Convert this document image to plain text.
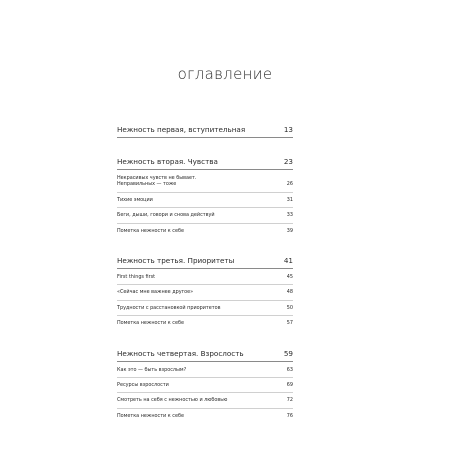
оглавление
Нежность первая, вступительная	13
Нежность вторая. Чувства	23
Некрасивых чувств не бывает.
Неправильных — тоже	26
Тихие эмоции	31
Беги, дыши, говори и снова действуй	33
Пометка нежности к себе	39
Нежность третья. Приоритеты	41
First things first	45
«Сейчас мне важнее другое»	48
Трудности с расстановкой приоритетов	50
Пометка нежности к себе	57
Нежность четвертая. Взрослость	59
Как это — быть взрослым?	63
Ресурсы взрослости	69
Смотреть на себя с нежностью и любовью	72
Пометка нежности к себе	76
